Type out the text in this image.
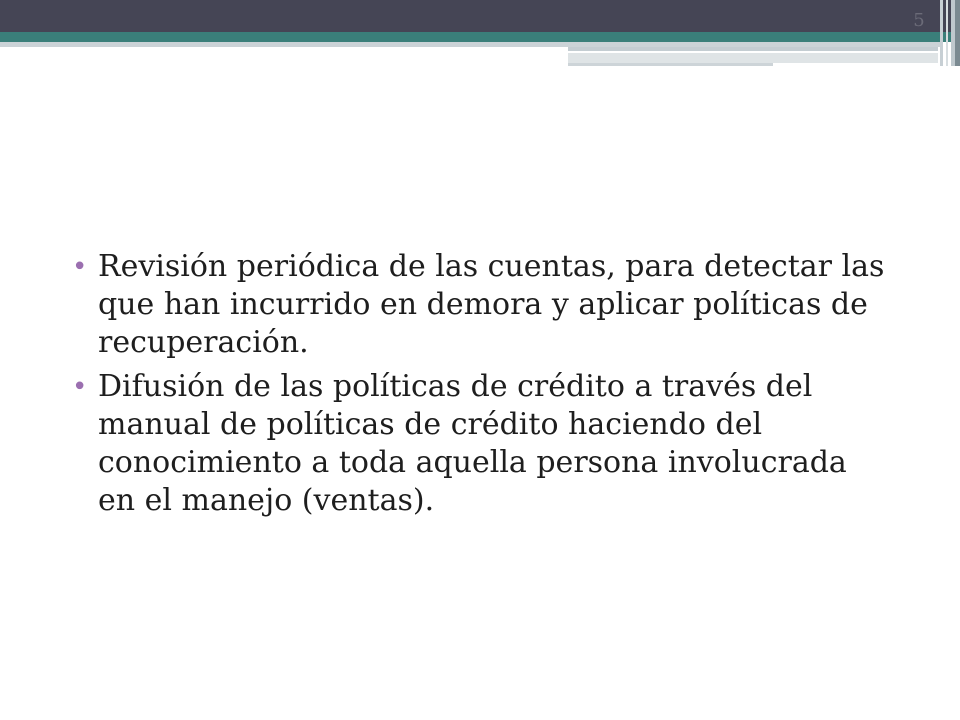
5
• Revisión periódica de las cuentas, para detectar las que han incurrido en demora y aplicar políticas de recuperación.
• Difusión de las políticas de crédito a través del manual de políticas de crédito haciendo del conocimiento a toda aquella persona involucrada en el manejo (ventas).
